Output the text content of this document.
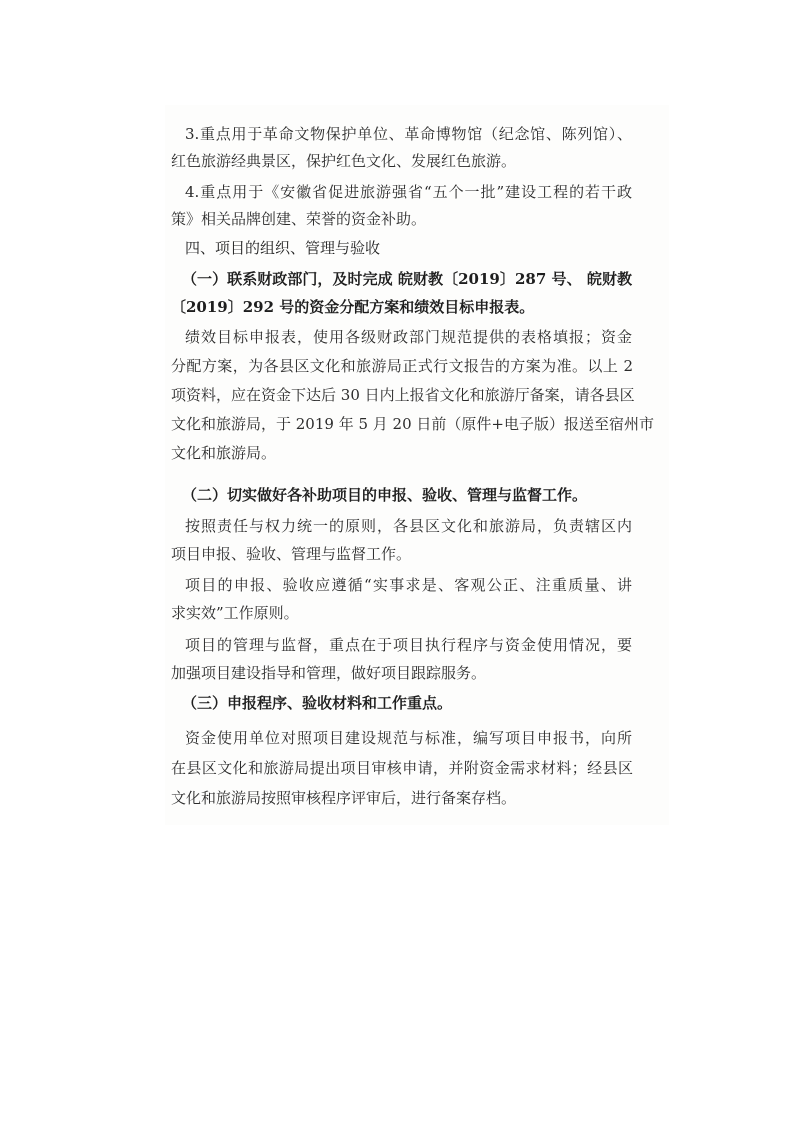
3.重点用于革命文物保护单位、革命博物馆（纪念馆、陈列馆）、
红色旅游经典景区，保护红色文化、发展红色旅游。
4.重点用于《安徽省促进旅游强省“五个一批”建设工程的若干政
策》相关品牌创建、荣誉的资金补助。
四、项目的组织、管理与验收
（一）联系财政部门，及时完成 皖财教〔2019〕287 号、 皖财教
〔2019〕292 号的资金分配方案和绩效目标申报表。
绩效目标申报表，使用各级财政部门规范提供的表格填报；资金
分配方案，为各县区文化和旅游局正式行文报告的方案为准。以上 2
项资料，应在资金下达后 30 日内上报省文化和旅游厅备案，请各县区
文化和旅游局，于 2019 年 5 月 20 日前（原件+电子版）报送至宿州市
文化和旅游局。
（二）切实做好各补助项目的申报、验收、管理与监督工作。
按照责任与权力统一的原则，各县区文化和旅游局，负责辖区内
项目申报、验收、管理与监督工作。
项目的申报、验收应遵循“实事求是、客观公正、注重质量、讲
求实效”工作原则。
项目的管理与监督，重点在于项目执行程序与资金使用情况，要
加强项目建设指导和管理，做好项目跟踪服务。
（三）申报程序、验收材料和工作重点。
资金使用单位对照项目建设规范与标准，编写项目申报书，向所
在县区文化和旅游局提出项目审核申请，并附资金需求材料；经县区
文化和旅游局按照审核程序评审后，进行备案存档。
